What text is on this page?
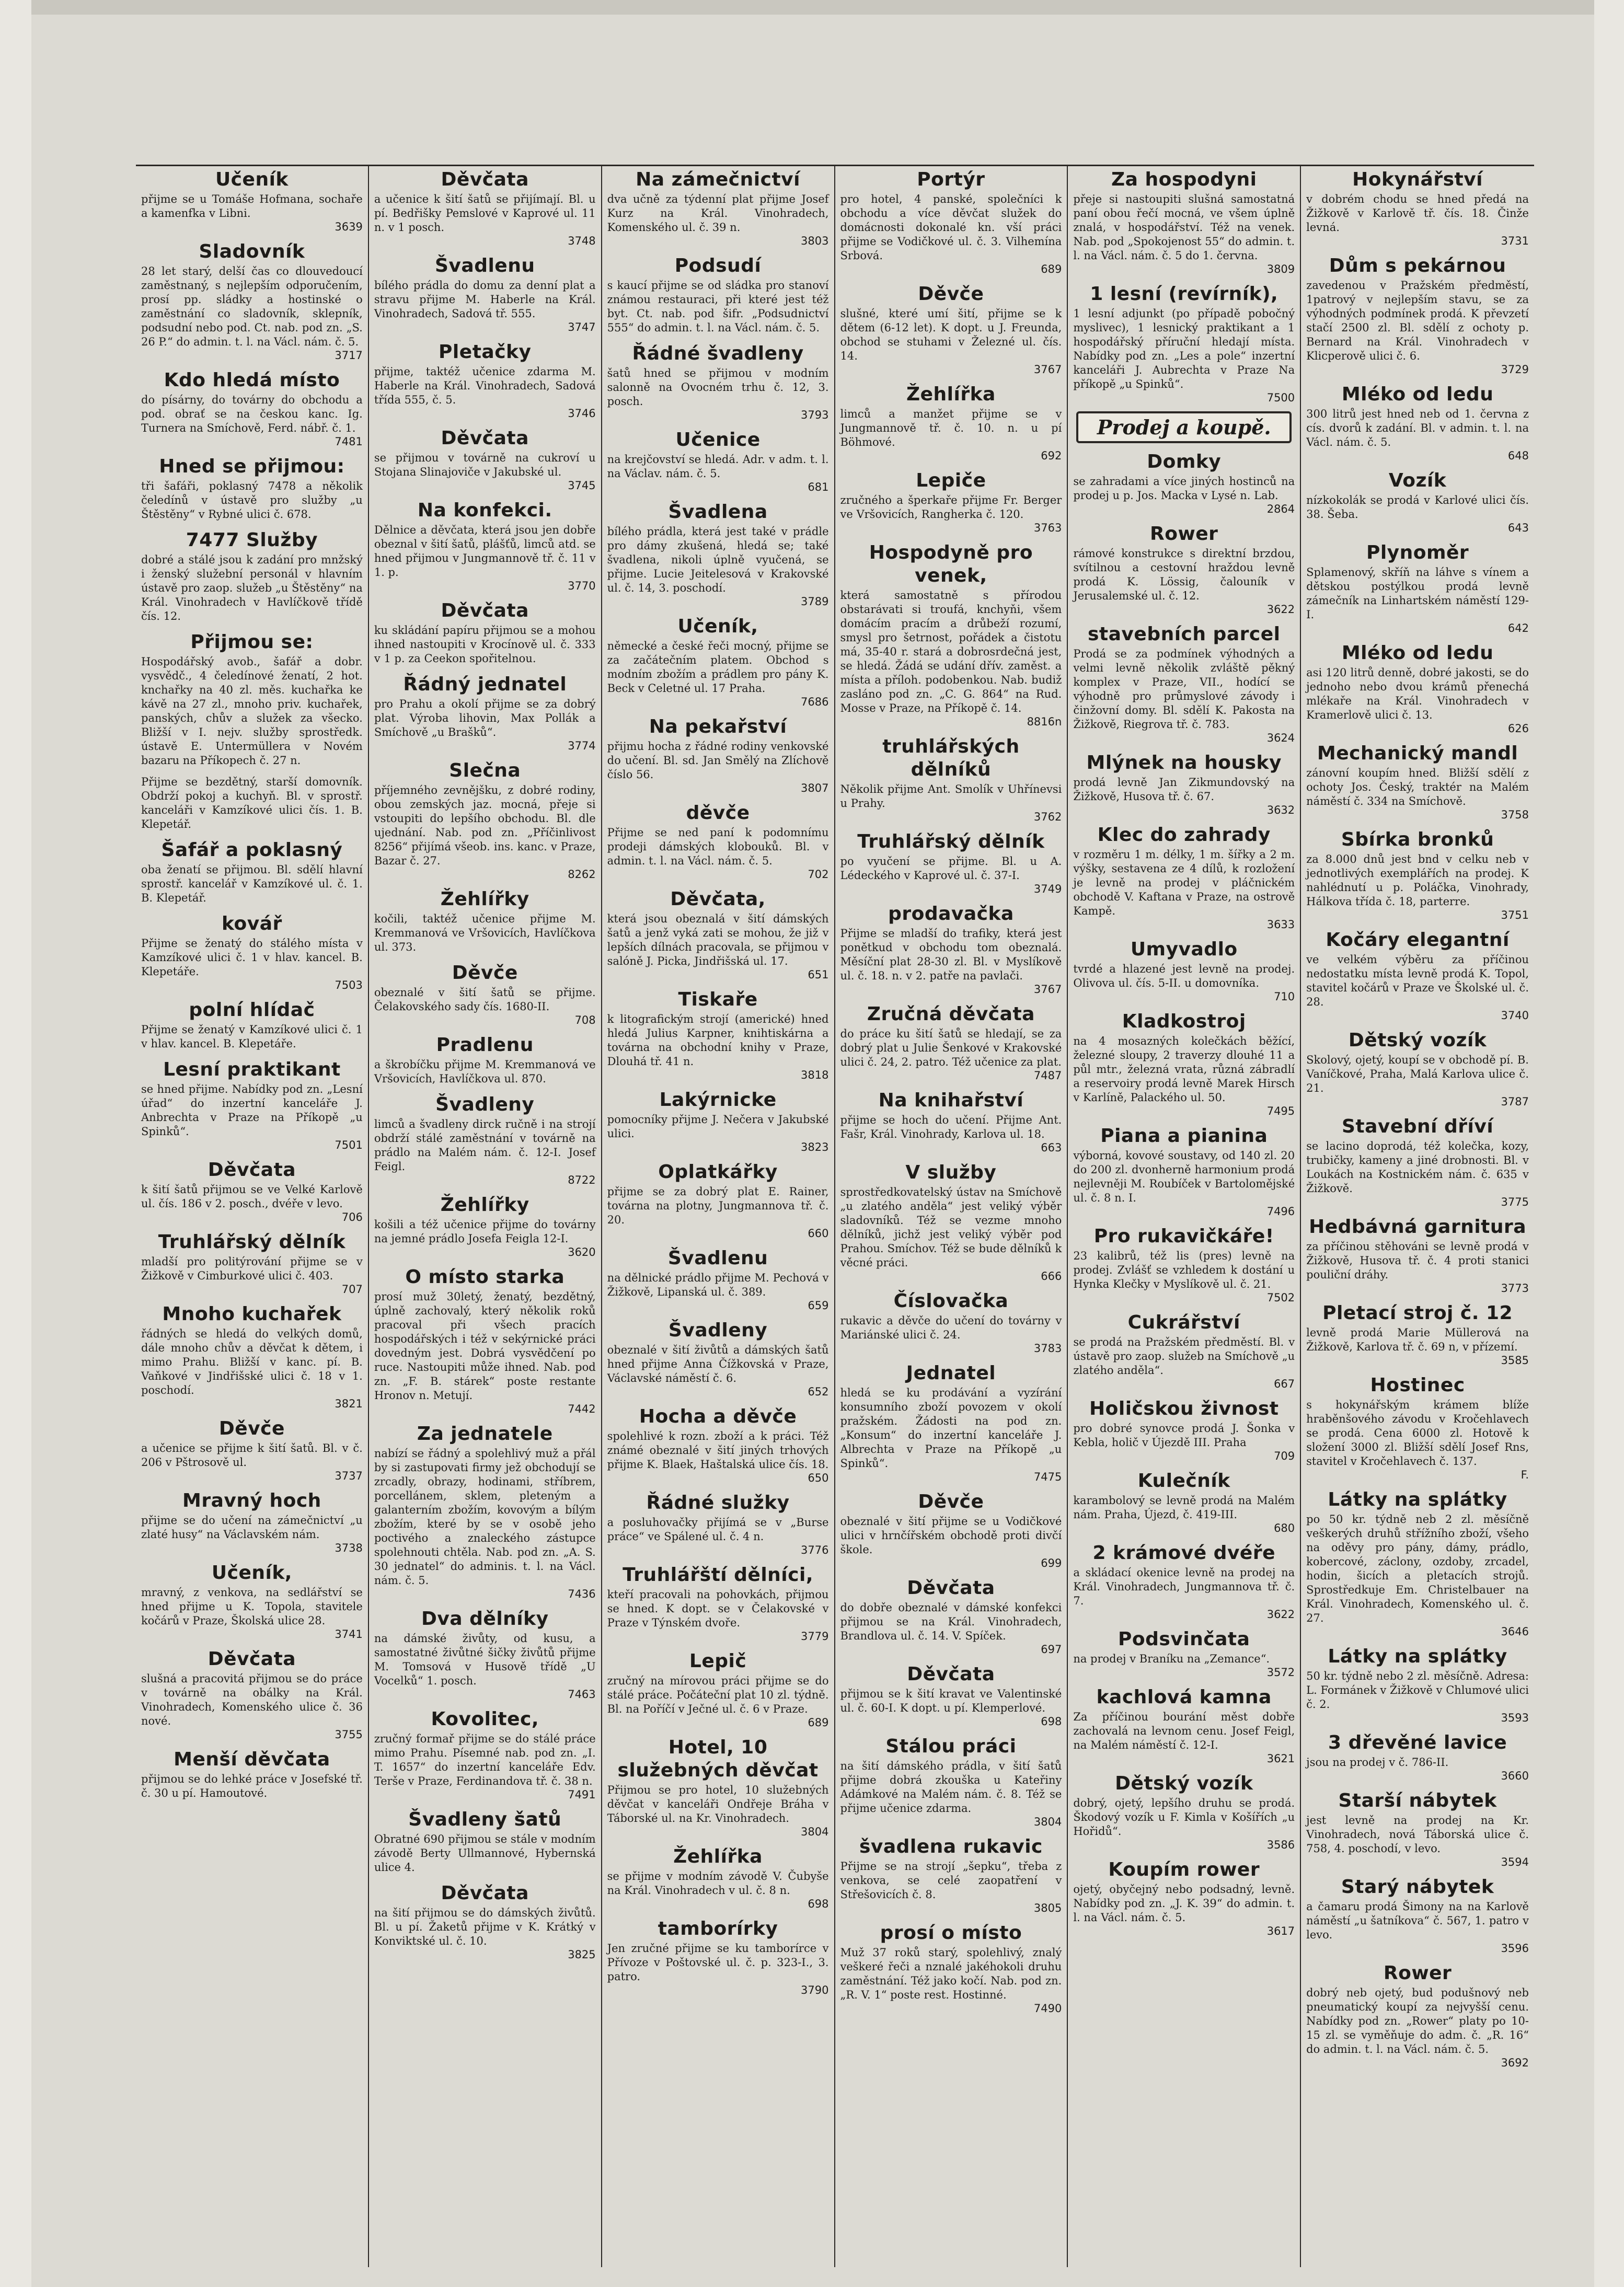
Učeník
přijme se u Tomáše Hofmana, sochaře a kamenfka v Libni.
3639
Sladovník
28 let starý, delší čas co dlouvedoucí zaměstnaný, s nejlepším odporučením, prosí pp. sládky a hostinské o zaměstnání co sladovník, sklepník, podsudní nebo pod. Ct. nab. pod zn. „S. 26 P.“ do admin. t. l. na Václ. nám. č. 5.
3717
Kdo hledá místo
do písárny, do továrny do obchodu a pod. obrať se na českou kanc. Ig. Turnera na Smíchově, Ferd. nábř. č. 1.
7481
Hned se přijmou:
tři šafáři, poklasný 7478 a několik čeledínů v ústavě pro služby „u Štěstěny“ v Rybné ulici č. 678.
7477 Služby
dobré a stálé jsou k zadání pro mnžský i ženský služební personál v hlavním ústavě pro zaop. služeb „u Štěstěny“ na Král. Vinohradech v Havlíčkově třídě čís. 12.
Přijmou se:
Hospodářský avob., šafář a dobr. vysvědč., 4 čeledínové ženatí, 2 hot. knchařky na 40 zl. měs. kuchařka ke kávě na 27 zl., mnoho priv. kuchařek, panských, chův a služek za všecko. Bližší v I. nejv. služby sprostředk. ústavě E. Untermüllera v Novém bazaru na Příkopech č. 27 n.
Přijme se bezdětný, starší domovník. Obdrží pokoj a kuchyň. Bl. v sprostř. kanceláři v Kamzíkové ulici čís. 1. B. Klepetář.
Šafář a poklasný
oba ženatí se přijmou. Bl. sdělí hlavní sprostř. kancelář v Kamzíkové ul. č. 1. B. Klepetář.
kovář
Přijme se ženatý do stálého místa v Kamzíkové ulici č. 1 v hlav. kancel. B. Klepetáře.
7503
polní hlídač
Přijme se ženatý v Kamzíkové ulici č. 1 v hlav. kancel. B. Klepetáře.
Lesní praktikant
se hned přijme. Nabídky pod zn. „Lesní úřad“ do inzertní kanceláře J. Anbrechta v Praze na Příkopě „u Spinků“.
7501
Děvčata
k šití šatů přijmou se ve Velké Karlově ul. čís. 186 v 2. posch., dvéře v levo.
706
Truhlářský dělník
mladší pro politýrování přijme se v Žižkově v Cimburkové ulici č. 403.
707
Mnoho kuchařek
řádných se hledá do velkých domů, dále mnoho chův a děvčat k dětem, i mimo Prahu. Bližší v kanc. pí. B. Vaňkové v Jindřišské ulici č. 18 v 1. poschodí.
3821
Děvče
a učenice se přijme k šití šatů. Bl. v č. 206 v Pštrosově ul.
3737
Mravný hoch
přijme se do učení na zámečnictví „u zlaté husy“ na Václavském nám.
3738
Učeník,
mravný, z venkova, na sedlářství se hned přijme u K. Topola, stavitele kočárů v Praze, Školská ulice 28.
3741
Děvčata
slušná a pracovitá přijmou se do práce v továrně na obálky na Král. Vinohradech, Komenského ulice č. 36 nové.
3755
Menší děvčata
přijmou se do lehké práce v Josefské tř. č. 30 u pí. Hamoutové.
Děvčata
a učenice k šití šatů se přijímají. Bl. u pí. Bedřišky Pemslové v Kaprové ul. 11 n. v 1 posch.
3748
Švadlenu
bílého prádla do domu za denní plat a stravu přijme M. Haberle na Král. Vinohradech, Sadová tř. 555.
3747
Pletačky
přijme, taktéž učenice zdarma M. Haberle na Král. Vinohradech, Sadová třída 555, č. 5.
3746
Děvčata
se přijmou v továrně na cukroví u Stojana Slinajoviče v Jakubské ul.
3745
Na konfekci.
Dělnice a děvčata, která jsou jen dobře obeznal v šití šatů, plášťů, limců atd. se hned přijmou v Jungmannově tř. č. 11 v 1. p.
3770
Děvčata
ku skládání papíru přijmou se a mohou ihned nastoupiti v Krocínově ul. č. 333 v 1 p. za Ceekon spořitelnou.
Řádný jednatel
pro Prahu a okolí přijme se za dobrý plat. Výroba lihovin, Max Pollák a Smíchově „u Brašků“.
3774
Slečna
příjemného zevnějšku, z dobré rodiny, obou zemských jaz. mocná, přeje si vstoupiti do lepšího obchodu. Bl. dle ujednání. Nab. pod zn. „Příčinlivost 8256“ přijímá všeob. ins. kanc. v Praze, Bazar č. 27.
8262
Žehlířky
kočili, taktéž učenice přijme M. Kremmanová ve Vršovicích, Havlíčkova ul. 373.
Děvče
obeznalé v šití šatů se přijme. Čelakovského sady čís. 1680-II.
708
Pradlenu
a škrobíčku přijme M. Kremmanová ve Vršovicích, Havlíčkova ul. 870.
Švadleny
limců a švadleny dirck ručně i na strojí obdrží stálé zaměstnání v továrně na prádlo na Malém nám. č. 12-I. Josef Feigl.
8722
Žehlířky
košili a též učenice přijme do továrny na jemné prádlo Josefa Feigla 12-I.
3620
O místo starka
prosí muž 30letý, ženatý, bezdětný, úplně zachovalý, který několik roků pracoval při všech pracích hospodářských i též v sekýrnické práci dovedným jest. Dobrá vysvědčení po ruce. Nastoupiti může ihned. Nab. pod zn. „F. B. stárek“ poste restante Hronov n. Metují.
7442
Za jednatele
nabízí se řádný a spolehlivý muž a přál by si zastupovati firmy jež obchodují se zrcadly, obrazy, hodinami, stříbrem, porcellánem, sklem, pleteným a galanterním zbožím, kovovým a bílým zbožím, které by se v osobě jeho poctivého a znaleckého zástupce spolehnouti chtěla. Nab. pod zn. „A. S. 30 jednatel“ do adminis. t. l. na Václ. nám. č. 5.
7436
Dva dělníky
na dámské živůty, od kusu, a samostatné živůtné šičky živůtů přijme M. Tomsová v Husově třídě „U Vocelků“ 1. posch.
7463
Kovolitec,
zručný formař přijme se do stálé práce mimo Prahu. Písemné nab. pod zn. „I. T. 1657“ do inzertní kanceláře Edv. Terše v Praze, Ferdinandova tř. č. 38 n.
7491
Švadleny šatů
Obratné 690 přijmou se stále v modním závodě Berty Ullmannové, Hybernská ulice 4.
Děvčata
na šití přijmou se do dámských živůtů. Bl. u pí. Žaketů přijme v K. Krátký v Konviktské ul. č. 10.
3825
Na zámečnictví
dva učně za týdenní plat přijme Josef Kurz na Král. Vinohradech, Komenského ul. č. 39 n.
3803
Podsudí
s kaucí přijme se od sládka pro stanoví známou restauraci, při které jest též byt. Ct. nab. pod šifr. „Podsudnictví 555“ do admin. t. l. na Václ. nám. č. 5.
Řádné švadleny
šatů hned se přijmou v modním salonně na Ovocném trhu č. 12, 3. posch.
3793
Učenice
na krejčovství se hledá. Adr. v adm. t. l. na Václav. nám. č. 5.
681
Švadlena
bílého prádla, která jest také v prádle pro dámy zkušená, hledá se; také švadlena, nikoli úplně vyučená, se přijme. Lucie Jeitelesová v Krakovské ul. č. 14, 3. poschodí.
3789
Učeník,
německé a české řeči mocný, přijme se za začátečním platem. Obchod s modním zbožím a prádlem pro pány K. Beck v Celetné ul. 17 Praha.
7686
Na pekařství
přijmu hocha z řádné rodiny venkovské do učení. Bl. sd. Jan Smělý na Zlíchově číslo 56.
3807
děvče
Přijme se ned paní k podomnímu prodeji dámských klobouků. Bl. v admin. t. l. na Václ. nám. č. 5.
702
Děvčata,
která jsou obeznalá v šití dámských šatů a jenž vyká zati se mohou, že již v lepších dílnách pracovala, se přijmou v salóně J. Picka, Jindřišská ul. 17.
651
Tiskaře
k litografickým strojí (americké) hned hledá Julius Karpner, knihtiskárna a továrna na obchodní knihy v Praze, Dlouhá tř. 41 n.
3818
Lakýrnicke
pomocníky přijme J. Nečera v Jakubské ulici.
3823
Oplatkářky
přijme se za dobrý plat E. Rainer, továrna na plotny, Jungmannova tř. č. 20.
660
Švadlenu
na dělnické prádlo přijme M. Pechová v Žižkově, Lipanská ul. č. 389.
659
Švadleny
obeznalé v šití živůtů a dámských šatů hned přijme Anna Čížkovská v Praze, Václavské náměstí č. 6.
652
Hocha a děvče
spolehlivé k rozn. zboží a k práci. Též známé obeznalé v šití jiných trhových přijme K. Blaek, Haštalská ulice čís. 18.
650
Řádné služky
a posluhovačky přijímá se v „Burse práce“ ve Spálené ul. č. 4 n.
3776
Truhlářští dělníci,
kteří pracovali na pohovkách, přijmou se hned. K dopt. se v Čelakovské v Praze v Týnském dvoře.
3779
Lepič
zručný na mírovou práci přijme se do stálé práce. Počáteční plat 10 zl. týdně. Bl. na Poříčí v Ječné ul. č. 6 v Praze.
689
Hotel, 10 služebných děvčat
Přijmou se pro hotel, 10 služebných děvčat v kanceláři Ondřeje Bráha v Táborské ul. na Kr. Vinohradech.
3804
Žehlířka
se přijme v modním závodě V. Čubyše na Král. Vinohradech v ul. č. 8 n.
698
tamborírky
Jen zručné přijme se ku tamborírce v Přívoze v Poštovské ul. č. p. 323-I., 3. patro.
3790
Portýr
pro hotel, 4 panské, společníci k obchodu a více děvčat služek do domácnosti dokonalé kn. vší práci přijme se Vodičkové ul. č. 3. Vilhemína Srbová.
689
Děvče
slušné, které umí šití, přijme se k dětem (6-12 let). K dopt. u J. Freunda, obchod se stuhami v Železné ul. čís. 14.
3767
Žehlířka
limců a manžet přijme se v Jungmannově tř. č. 10. n. u pí Böhmové.
692
Lepiče
zručného a šperkaře přijme Fr. Berger ve Vršovicích, Rangherka č. 120.
3763
Hospodyně pro venek,
která samostatně s přírodou obstarávati si troufá, knchyňi, všem domácím pracím a drůbeží rozumí, smysl pro šetrnost, pořádek a čistotu má, 35-40 r. stará a dobrosrdečná jest, se hledá. Žádá se udání dřív. zaměst. a místa a příloh. podobenkou. Nab. budiž zasláno pod zn. „C. G. 864“ na Rud. Mosse v Praze, na Příkopě č. 14.
8816n
truhlářských dělníků
Několik přijme Ant. Smolík v Uhřínevsi u Prahy.
3762
Truhlářský dělník
po vyučení se přijme. Bl. u A. Lédeckého v Kaprové ul. č. 37-I.
3749
prodavačka
Přijme se mladší do trafiky, která jest ponětkud v obchodu tom obeznalá. Měsíční plat 28-30 zl. Bl. v Myslíkově ul. č. 18. n. v 2. patře na pavlači.
3767
Zručná děvčata
do práce ku šití šatů se hledají, se za dobrý plat u Julie Šenkové v Krakovské ulici č. 24, 2. patro. Též učenice za plat.
7487
Na knihařství
přijme se hoch do učení. Přijme Ant. Fašr, Král. Vinohrady, Karlova ul. 18.
663
V služby
sprostředkovatelský ústav na Smíchově „u zlatého anděla“ jest veliký výběr sladovníků. Též se vezme mnoho dělníků, jichž jest veliký výběr pod Prahou. Smíchov. Též se bude dělníků k věcné práci.
666
Číslovačka
rukavic a děvče do učení do továrny v Mariánské ulici č. 24.
3783
Jednatel
hledá se ku prodávání a vyzírání konsumního zboží povozem v okolí pražském. Žádosti na pod zn. „Konsum“ do inzertní kanceláře J. Albrechta v Praze na Příkopě „u Spinků“.
7475
Děvče
obeznalé v šití přijme se u Vodičkové ulici v hrnčířském obchodě proti divčí škole.
699
Děvčata
do dobře obeznalé v dámské konfekci přijmou se na Král. Vinohradech, Brandlova ul. č. 14. V. Spíček.
697
Děvčata
přijmou se k šití kravat ve Valentinské ul. č. 60-I. K dopt. u pí. Klemperlové.
698
Stálou práci
na šití dámského prádla, v šití šatů přijme dobrá zkouška u Kateřiny Adámkové na Malém nám. č. 8. Též se přijme učenice zdarma.
3804
švadlena rukavic
Přijme se na strojí „šepku“, třeba z venkova, se celé zaopatření v Střešovicích č. 8.
3805
prosí o místo
Muž 37 roků starý, spolehlivý, znalý veškeré řeči a nznalé jakéhokoli druhu zaměstnání. Též jako kočí. Nab. pod zn. „R. V. 1“ poste rest. Hostinné.
7490
Za hospodyni
přeje si nastoupiti slušná samostatná paní obou řečí mocná, ve všem úplně znalá, v hospodářství. Též na venek. Nab. pod „Spokojenost 55“ do admin. t. l. na Václ. nám. č. 5 do 1. června.
3809
1 lesní (revírník),
1 lesní adjunkt (po případě pobočný myslivec), 1 lesnický praktikant a 1 hospodářský příruční hledají místa. Nabídky pod zn. „Les a pole“ inzertní kanceláři J. Aubrechta v Praze Na příkopě „u Spinků“.
7500
Prodej a koupě.
Domky
se zahradami a více jiných hostinců na prodej u p. Jos. Macka v Lysé n. Lab.
2864
Rower
rámové konstrukce s direktní brzdou, svítilnou a cestovní hraždou levně prodá K. Lössig, čalouník v Jerusalemské ul. č. 12.
3622
stavebních parcel
Prodá se za podmínek výhodných a velmi levně několik zvláště pěkný komplex v Praze, VII., hodící se výhodně pro průmyslové závody i činžovní domy. Bl. sdělí K. Pakosta na Žižkově, Riegrova tř. č. 783.
3624
Mlýnek na housky
prodá levně Jan Zikmundovský na Žižkově, Husova tř. č. 67.
3632
Klec do zahrady
v rozměru 1 m. délky, 1 m. šířky a 2 m. výšky, sestavena ze 4 dílů, k rozložení je levně na prodej v pláčnickém obchodě V. Kaftana v Praze, na ostrově Kampě.
3633
Umyvadlo
tvrdé a hlazené jest levně na prodej. Olivova ul. čís. 5-II. u domovníka.
710
Kladkostroj
na 4 mosazných kolečkách běžící, železné sloupy, 2 traverzy dlouhé 11 a půl mtr., železná vrata, různá zábradlí a reservoiry prodá levně Marek Hirsch v Karlíně, Palackého ul. 50.
7495
Piana a pianina
výborná, kovové soustavy, od 140 zl. 20 do 200 zl. dvonherně harmonium prodá nejlevněji M. Roubíček v Bartolomějské ul. č. 8 n. I.
7496
Pro rukavičkáře!
23 kalibrů, též lis (pres) levně na prodej. Zvlášť se vzhledem k dostání u Hynka Klečky v Myslíkově ul. č. 21.
7502
Cukrářství
se prodá na Pražském předměstí. Bl. v ústavě pro zaop. služeb na Smíchově „u zlatého anděla“.
667
Holičskou živnost
pro dobré synovce prodá J. Šonka v Kebla, holič v Újezdě III. Praha
709
Kulečník
karambolový se levně prodá na Malém nám. Praha, Újezd, č. 419-III.
680
2 krámové dvéře
a skládací okenice levně na prodej na Král. Vinohradech, Jungmannova tř. č. 7.
3622
Podsvinčata
na prodej v Braníku na „Zemance“.
3572
kachlová kamna
Za příčinou bourání měst dobře zachovalá na levnom cenu. Josef Feigl, na Malém náměstí č. 12-I.
3621
Dětský vozík
dobrý, ojetý, lepšího druhu se prodá. Škodový vozík u F. Kimla v Košířích „u Hořidů“.
3586
Koupím rower
ojetý, obyčejný nebo podsadný, levně. Nabídky pod zn. „J. K. 39“ do admin. t. l. na Václ. nám. č. 5.
3617
Hokynářství
v dobrém chodu se hned předá na Žižkově v Karlově tř. čís. 18. Činže levná.
3731
Dům s pekárnou
zavedenou v Pražském předměstí, 1patrový v nejlepším stavu, se za výhodných podmínek prodá. K převzetí stačí 2500 zl. Bl. sdělí z ochoty p. Bernard na Král. Vinohradech v Klicperově ulici č. 6.
3729
Mléko od ledu
300 litrů jest hned neb od 1. června z cís. dvorů k zadání. Bl. v admin. t. l. na Václ. nám. č. 5.
648
Vozík
nízkokolák se prodá v Karlové ulici čís. 38. Šeba.
643
Plynoměr
Splamenový, skříň na láhve s vínem a dětskou postýlkou prodá levně zámečník na Linhartském náměstí 129-I.
642
Mléko od ledu
asi 120 litrů denně, dobré jakosti, se do jednoho nebo dvou krámů přenechá mlékaře na Král. Vinohradech v Kramerlově ulici č. 13.
626
Mechanický mandl
zánovní koupím hned. Bližší sdělí z ochoty Jos. Český, traktér na Malém náměstí č. 334 na Smíchově.
3758
Sbírka bronků
za 8.000 dnů jest bnd v celku neb v jednotlivých exemplářích na prodej. K nahlédnutí u p. Poláčka, Vinohrady, Hálkova třída č. 18, parterre.
3751
Kočáry elegantní
ve velkém výběru za příčinou nedostatku místa levně prodá K. Topol, stavitel kočárů v Praze ve Školské ul. č. 28.
3740
Dětský vozík
Skolový, ojetý, koupí se v obchodě pí. B. Vaníčkové, Praha, Malá Karlova ulice č. 21.
3787
Stavební dříví
se lacino doprodá, též kolečka, kozy, trubičky, kameny a jiné drobnosti. Bl. v Loukách na Kostnickém nám. č. 635 v Žižkově.
3775
Hedbávná garnitura
za příčinou stěhováni se levně prodá v Žižkově, Husova tř. č. 4 proti stanici pouliční dráhy.
3773
Pletací stroj č. 12
levně prodá Marie Müllerová na Žižkově, Karlova tř. č. 69 n, v přízemí.
3585
Hostinec
s hokynářským krámem blíže hraběnšového závodu v Kročehlavech se prodá. Cena 6000 zl. Hotově k složení 3000 zl. Bližší sdělí Josef Rns, stavitel v Kročehlavech č. 137.
F.
Látky na splátky
po 50 kr. týdně neb 2 zl. měsíčně veškerých druhů střížního zboží, všeho na oděvy pro pány, dámy, prádlo, kobercové, záclony, ozdoby, zrcadel, hodin, šicích a pletacích strojů. Sprostředkuje Em. Christelbauer na Král. Vinohradech, Komenského ul. č. 27.
3646
Látky na splátky
50 kr. týdně nebo 2 zl. měsíčně. Adresa: L. Formánek v Žižkově v Chlumové ulici č. 2.
3593
3 dřevěné lavice
jsou na prodej v č. 786-II.
3660
Starší nábytek
jest levně na prodej na Kr. Vinohradech, nová Táborská ulice č. 758, 4. poschodí, v levo.
3594
Starý nábytek
a čamaru prodá Šimony na na Karlově náměstí „u šatníkova“ č. 567, 1. patro v levo.
3596
Rower
dobrý neb ojetý, bud podušnový neb pneumatický koupí za nejvyšší cenu. Nabídky pod zn. „Rower“ platy po 10-15 zl. se vyměňuje do adm. č. „R. 16“ do admin. t. l. na Václ. nám. č. 5.
3692
